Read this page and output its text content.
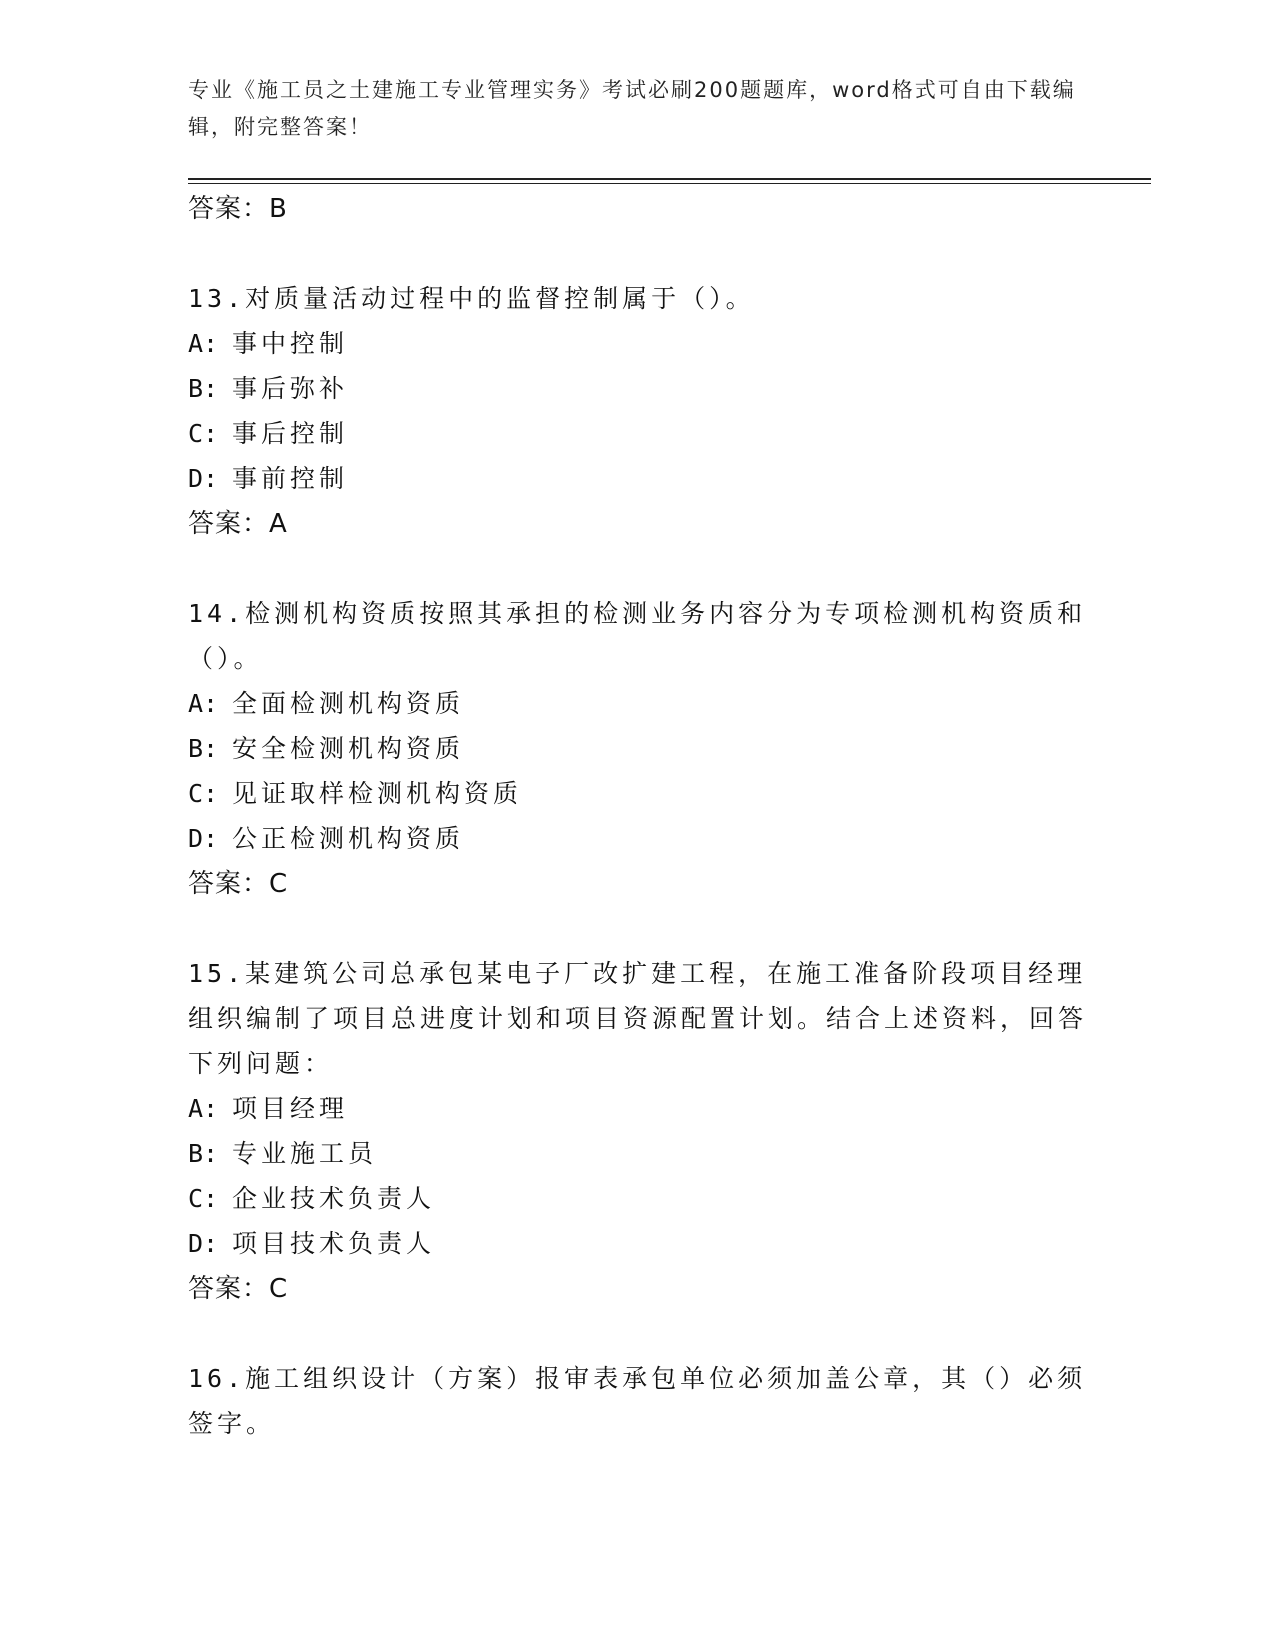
专业《施工员之土建施工专业管理实务》考试必刷200题题库，word格式可自由下载编辑，附完整答案！
答案：B
13.对质量活动过程中的监督控制属于（）。
A: 事中控制
B: 事后弥补
C: 事后控制
D: 事前控制
答案：A
14.检测机构资质按照其承担的检测业务内容分为专项检测机构资质和（）。
A: 全面检测机构资质
B: 安全检测机构资质
C: 见证取样检测机构资质
D: 公正检测机构资质
答案：C
15.某建筑公司总承包某电子厂改扩建工程，在施工准备阶段项目经理组织编制了项目总进度计划和项目资源配置计划。结合上述资料，回答下列问题：
A: 项目经理
B: 专业施工员
C: 企业技术负责人
D: 项目技术负责人
答案：C
16.施工组织设计（方案）报审表承包单位必须加盖公章，其（）必须签字。
